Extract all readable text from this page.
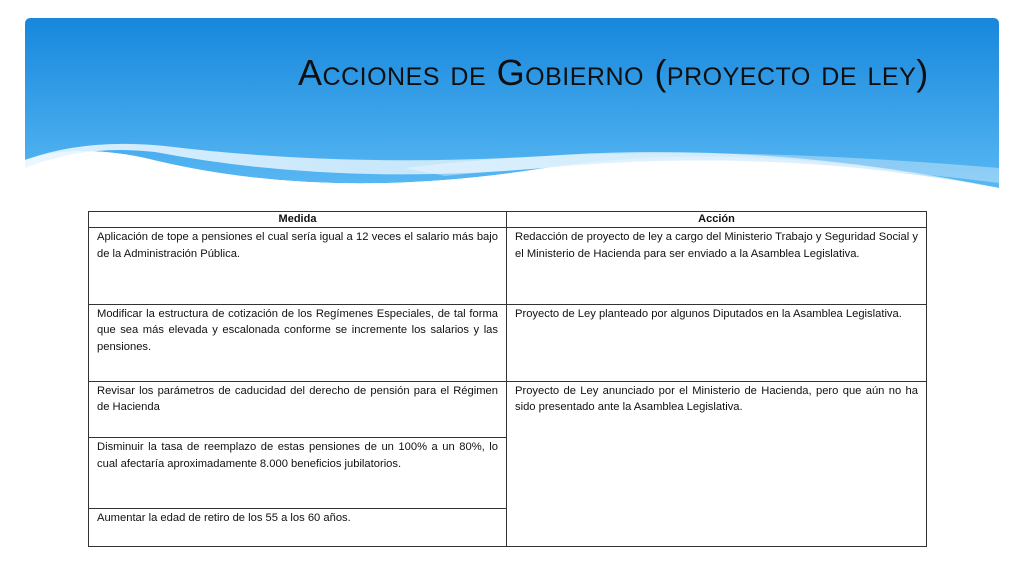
Acciones de Gobierno (proyecto de ley)
Medida	Acción
Aplicación de tope a pensiones el cual sería igual a 12 veces el salario más bajo de la Administración Pública.	Redacción de proyecto de ley a cargo del Ministerio Trabajo y Seguridad Social y el Ministerio de Hacienda para ser enviado a la Asamblea Legislativa.
Modificar la estructura de cotización de los Regímenes Especiales, de tal forma que sea más elevada y escalonada conforme se incremente los salarios y las pensiones.	Proyecto de Ley planteado por algunos Diputados en la Asamblea Legislativa.
Revisar los parámetros de caducidad del derecho de pensión para el Régimen de Hacienda	Proyecto de Ley anunciado por el Ministerio de Hacienda, pero que aún no ha sido presentado ante la Asamblea Legislativa.
Disminuir la tasa de reemplazo de estas pensiones de un 100% a un 80%, lo cual afectaría aproximadamente 8.000 beneficios jubilatorios.	
Aumentar la edad de retiro de los 55 a los 60 años.	
